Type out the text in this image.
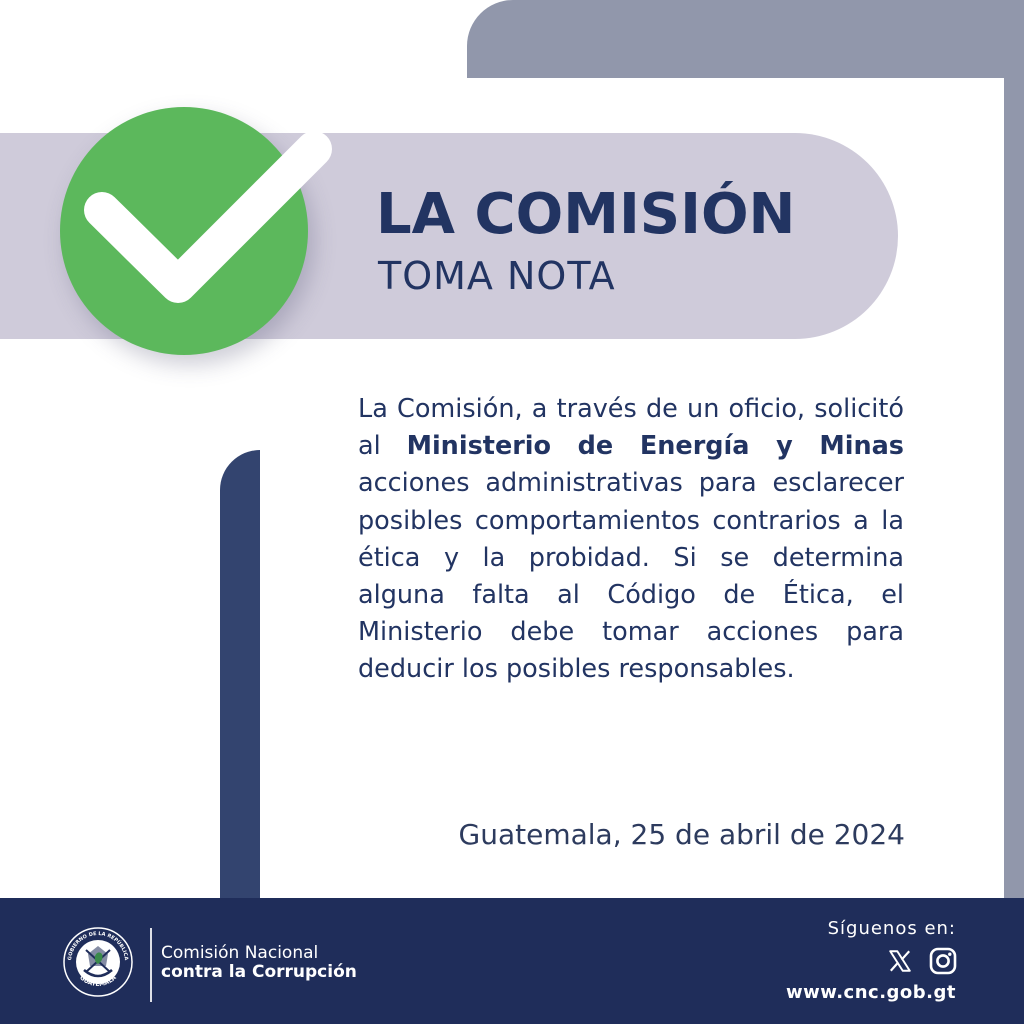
LA COMISIÓN
TOMA NOTA
La Comisión, a través de un oficio, solicitó al Ministerio de Energía y Minas acciones administrativas para esclarecer posibles comportamientos contrarios a la ética y la probidad. Si se determina alguna falta al Código de Ética, el Ministerio debe tomar acciones para deducir los posibles responsables.
Guatemala, 25 de abril de 2024
GOBIERNO DE LA REPÚBLICA
GUATEMALA
Comisión Nacional
contra la Corrupción
Síguenos en:
www.cnc.gob.gt
